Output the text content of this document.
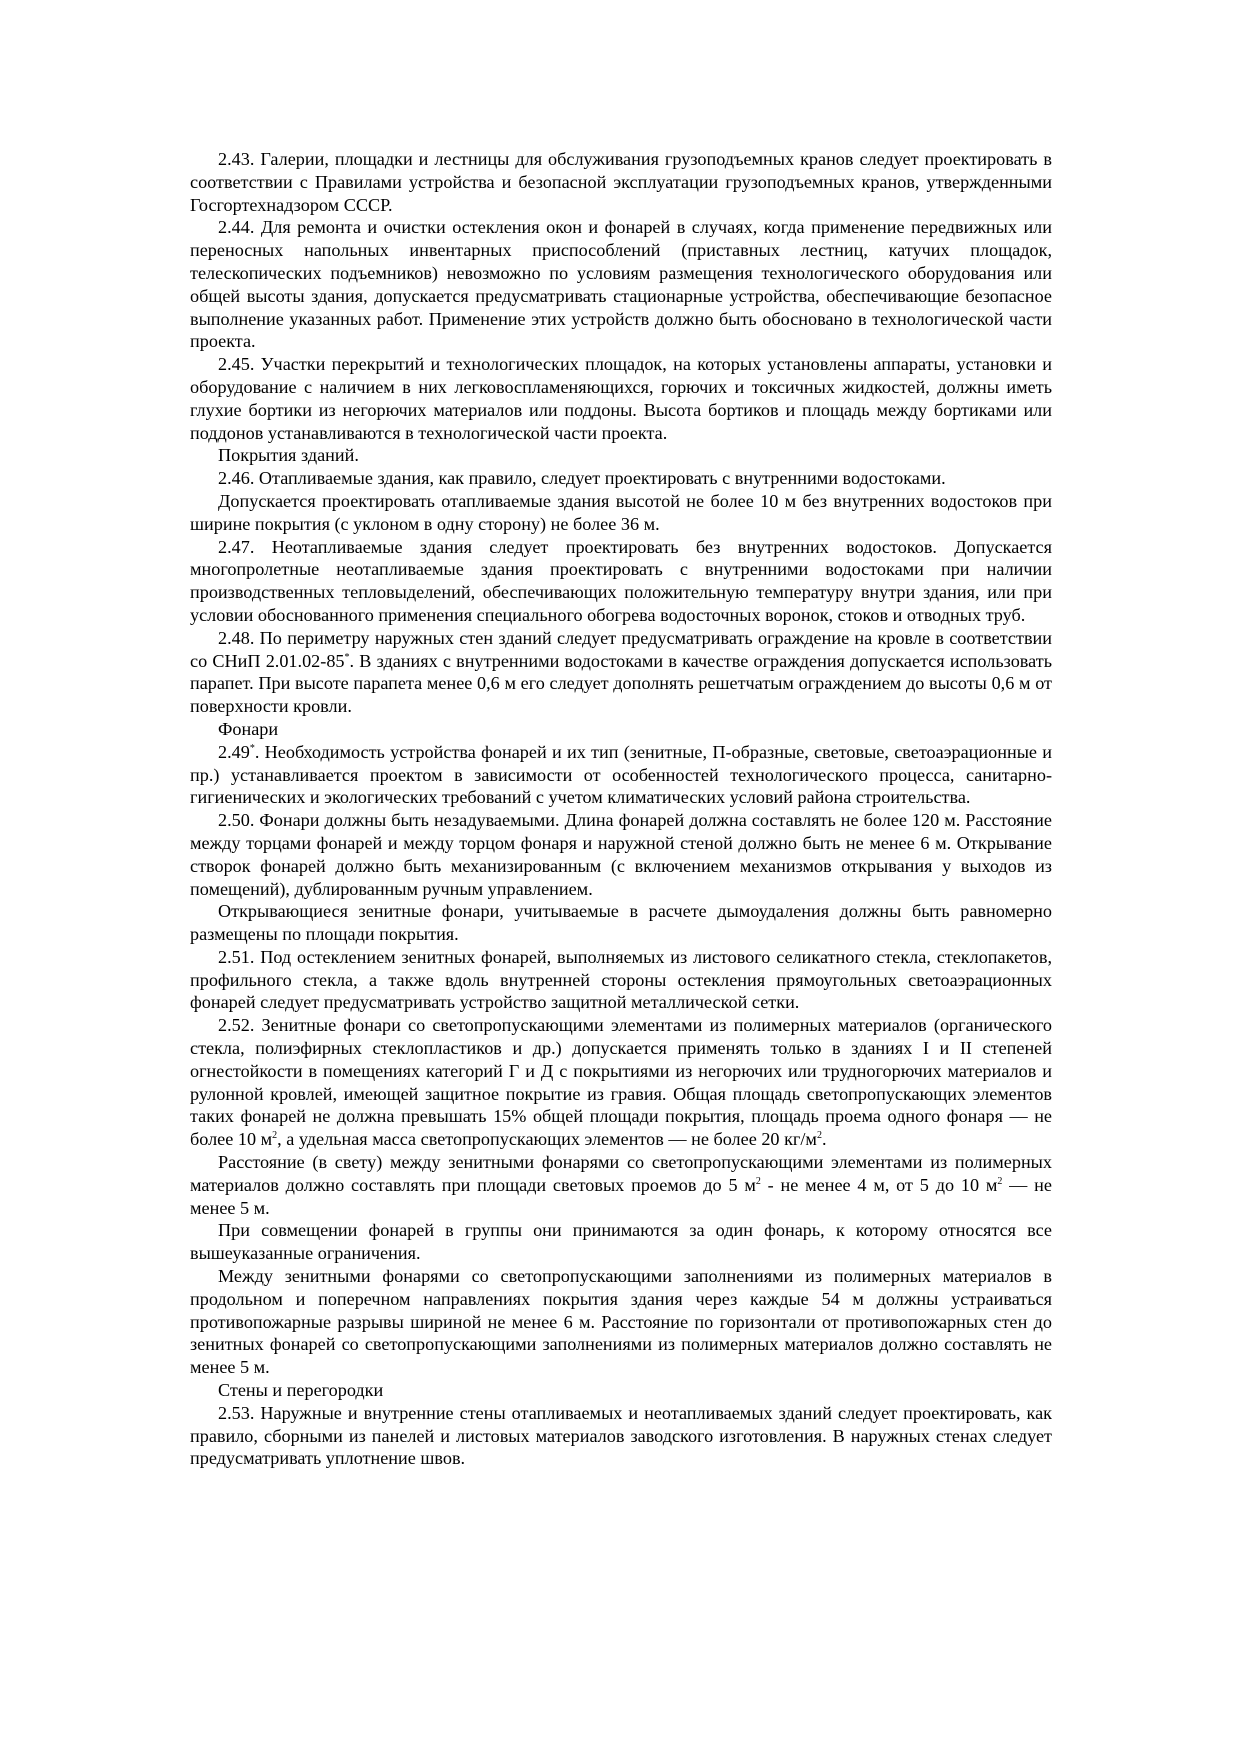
2.43. Галерии, площадки и лестницы для обслуживания грузоподъемных кранов следует проектировать в соответствии с Правилами устройства и безопасной эксплуатации грузоподъемных кранов, утвержденными Госгортехнадзором СССР.

2.44. Для ремонта и очистки остекления окон и фонарей в случаях, когда применение передвижных или переносных напольных инвентарных приспособлений (приставных лестниц, катучих площадок, телескопических подъемников) невозможно по условиям размещения технологического оборудования или общей высоты здания, допускается предусматривать стационарные устройства, обеспечивающие безопасное выполнение указанных работ. Применение этих устройств должно быть обосновано в технологической части проекта.

2.45. Участки перекрытий и технологических площадок, на которых установлены аппараты, установки и оборудование с наличием в них легковоспламеняющихся, горючих и токсичных жидкостей, должны иметь глухие бортики из негорючих материалов или поддоны. Высота бортиков и площадь между бортиками или поддонов устанавливаются в технологической части проекта.

Покрытия зданий.

2.46. Отапливаемые здания, как правило, следует проектировать с внутренними водостоками.

Допускается проектировать отапливаемые здания высотой не более 10 м без внутренних водостоков при ширине покрытия (с уклоном в одну сторону) не более 36 м.

2.47. Неотапливаемые здания следует проектировать без внутренних водостоков. Допускается многопролетные неотапливаемые здания проектировать с внутренними водостоками при наличии производственных тепловыделений, обеспечивающих положительную температуру внутри здания, или при условии обоснованного применения специального обогрева водосточных воронок, стоков и отводных труб.

2.48. По периметру наружных стен зданий следует предусматривать ограждение на кровле в соответствии со СНиП 2.01.02-85*. В зданиях с внутренними водостоками в качестве ограждения допускается использовать парапет. При высоте парапета менее 0,6 м его следует дополнять решетчатым ограждением до высоты 0,6 м от поверхности кровли.

Фонари

2.49*. Необходимость устройства фонарей и их тип (зенитные, П-образные, световые, светоаэрационные и пр.) устанавливается проектом в зависимости от особенностей технологического процесса, санитарно-гигиенических и экологических требований с учетом климатических условий района строительства.

2.50. Фонари должны быть незадуваемыми. Длина фонарей должна составлять не более 120 м. Расстояние между торцами фонарей и между торцом фонаря и наружной стеной должно быть не менее 6 м. Открывание створок фонарей должно быть механизированным (с включением механизмов открывания у выходов из помещений), дублированным ручным управлением.

Открывающиеся зенитные фонари, учитываемые в расчете дымоудаления должны быть равномерно размещены по площади покрытия.

2.51. Под остеклением зенитных фонарей, выполняемых из листового селикатного стекла, стеклопакетов, профильного стекла, а также вдоль внутренней стороны остекления прямоугольных светоаэрационных фонарей следует предусматривать устройство защитной металлической сетки.

2.52. Зенитные фонари со светопропускающими элементами из полимерных материалов (органического стекла, полиэфирных стеклопластиков и др.) допускается применять только в зданиях I и II степеней огнестойкости в помещениях категорий Г и Д с покрытиями из негорючих или трудногорючих материалов и рулонной кровлей, имеющей защитное покрытие из гравия. Общая площадь светопропускающих элементов таких фонарей не должна превышать 15% общей площади покрытия, площадь проема одного фонаря — не более 10 $м^2$, а удельная масса светопропускающих элементов — не более 20 $кг/м^2$.

Расстояние (в свету) между зенитными фонарями со светопропускающими элементами из полимерных материалов должно составлять при площади световых проемов до 5 $м^2$ - не менее 4 м, от 5 до 10 $м^2$ — не менее 5 м.

При совмещении фонарей в группы они принимаются за один фонарь, к которому относятся все вышеуказанные ограничения.

Между зенитными фонарями со светопропускающими заполнениями из полимерных материалов в продольном и поперечном направлениях покрытия здания через каждые 54 м должны устраиваться противопожарные разрывы шириной не менее 6 м. Расстояние по горизонтали от противопожарных стен до зенитных фонарей со светопропускающими заполнениями из полимерных материалов должно составлять не менее 5 м.

Стены и перегородки

2.53. Наружные и внутренние стены отапливаемых и неотапливаемых зданий следует проектировать, как правило, сборными из панелей и листовых материалов заводского изготовления. В наружных стенах следует предусматривать уплотнение швов.
